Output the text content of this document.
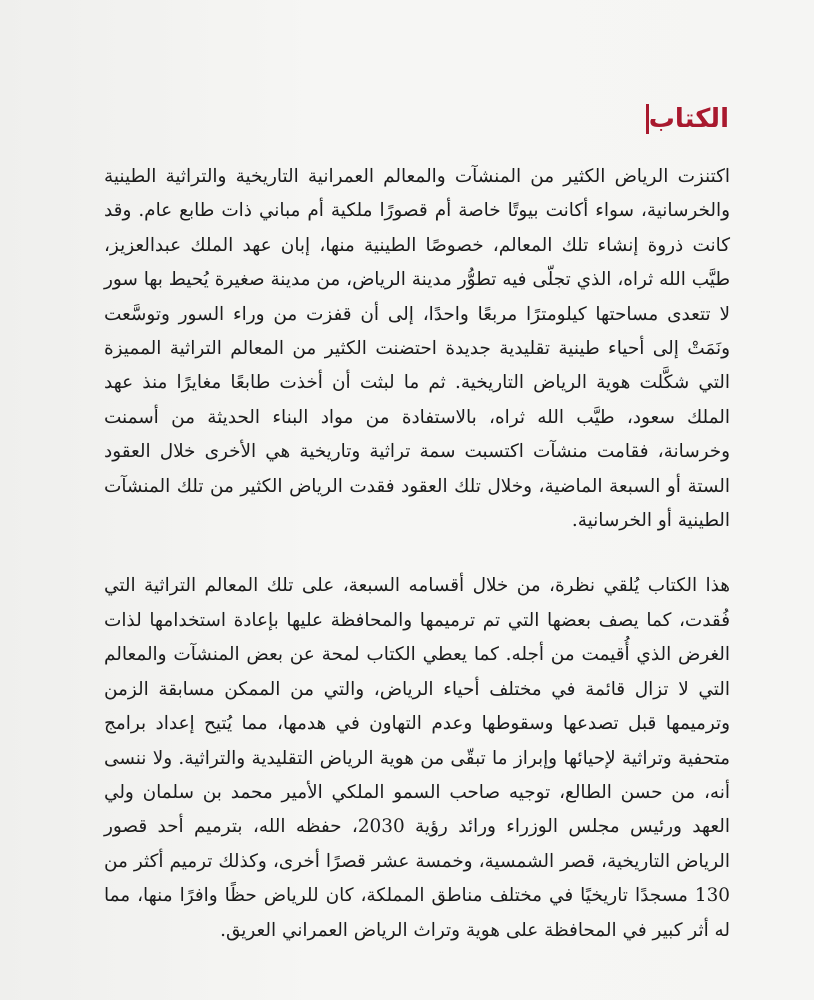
الكتاب

اكتنزت الرياض الكثير من المنشآت والمعالم العمرانية التاريخية والتراثية الطينية والخرسانية، سواء أكانت بيوتًا خاصة أم قصورًا ملكية أم مباني ذات طابع عام. وقد كانت ذروة إنشاء تلك المعالم، خصوصًا الطينية منها، إبان عهد الملك عبدالعزيز، طيَّب الله ثراه، الذي تجلّى فيه تطوُّر مدينة الرياض، من مدينة صغيرة يُحيط بها سور لا تتعدى مساحتها كيلومترًا مربعًا واحدًا، إلى أن قفزت من وراء السور وتوسَّعت ونَمَتْ إلى أحياء طينية تقليدية جديدة احتضنت الكثير من المعالم التراثية المميزة التي شكَّلت هوية الرياض التاريخية. ثم ما لبثت أن أخذت طابعًا مغايرًا منذ عهد الملك سعود، طيَّب الله ثراه، بالاستفادة من مواد البناء الحديثة من أسمنت وخرسانة، فقامت منشآت اكتسبت سمة تراثية وتاريخية هي الأخرى خلال العقود الستة أو السبعة الماضية، وخلال تلك العقود فقدت الرياض الكثير من تلك المنشآت الطينية أو الخرسانية.

هذا الكتاب يُلقي نظرة، من خلال أقسامه السبعة، على تلك المعالم التراثية التي فُقدت، كما يصف بعضها التي تم ترميمها والمحافظة عليها بإعادة استخدامها لذات الغرض الذي أُقيمت من أجله. كما يعطي الكتاب لمحة عن بعض المنشآت والمعالم التي لا تزال قائمة في مختلف أحياء الرياض، والتي من الممكن مسابقة الزمن وترميمها قبل تصدعها وسقوطها وعدم التهاون في هدمها، مما يُتيح إعداد برامج متحفية وتراثية لإحيائها وإبراز ما تبقّى من هوية الرياض التقليدية والتراثية. ولا ننسى أنه، من حسن الطالع، توجيه صاحب السمو الملكي الأمير محمد بن سلمان ولي العهد ورئيس مجلس الوزراء ورائد رؤية 2030، حفظه الله، بترميم أحد قصور الرياض التاريخية، قصر الشمسية، وخمسة عشر قصرًا أخرى، وكذلك ترميم أكثر من 130 مسجدًا تاريخيًا في مختلف مناطق المملكة، كان للرياض حظًا وافرًا منها، مما له أثر كبير في المحافظة على هوية وتراث الرياض العمراني العريق.
